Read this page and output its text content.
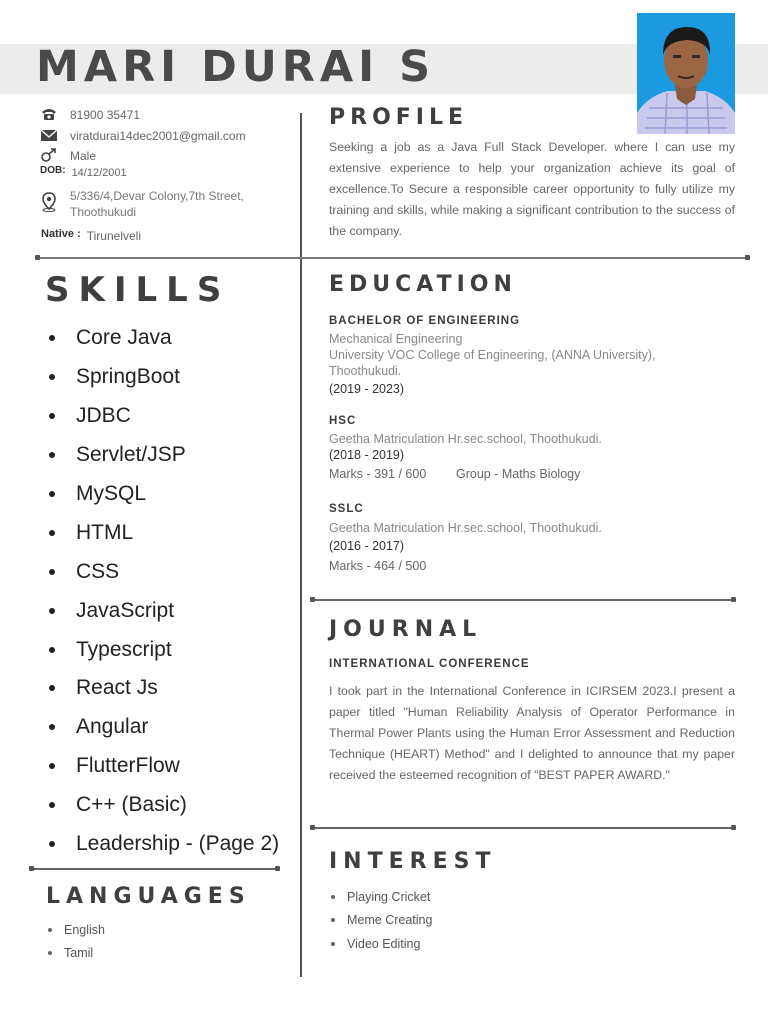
MARI DURAI S
81900 35471
viratdurai14dec2001@gmail.com
Male
DOB: 14/12/2001
5/336/4,Devar Colony,7th Street,
Thoothukudi
Native : Tirunelveli
PROFILE
Seeking a job as a Java Full Stack Developer. where I can use my extensive experience to help your organization achieve its goal of excellence.To Secure a responsible career opportunity to fully utilize my training and skills, while making a significant contribution to the success of the company.
SKILLS
Core Java
SpringBoot
JDBC
Servlet/JSP
MySQL
HTML
CSS
JavaScript
Typescript
React Js
Angular
FlutterFlow
C++ (Basic)
Leadership - (Page 2)
LANGUAGES
English
Tamil
EDUCATION
BACHELOR OF ENGINEERING
Mechanical Engineering
University VOC College of Engineering, (ANNA University),
Thoothukudi.
(2019 - 2023)
HSC
Geetha Matriculation Hr.sec.school, Thoothukudi.
(2018 - 2019)
Marks - 391 / 600 Group - Maths Biology
SSLC
Geetha Matriculation Hr.sec.school, Thoothukudi.
(2016 - 2017)
Marks - 464 / 500
JOURNAL
INTERNATIONAL CONFERENCE
I took part in the International Conference in ICIRSEM 2023.I present a paper titled "Human Reliability Analysis of Operator Performance in Thermal Power Plants using the Human Error Assessment and Reduction Technique (HEART) Method" and I delighted to announce that my paper received the esteemed recognition of "BEST PAPER AWARD."
INTEREST
Playing Cricket
Meme Creating
Video Editing
